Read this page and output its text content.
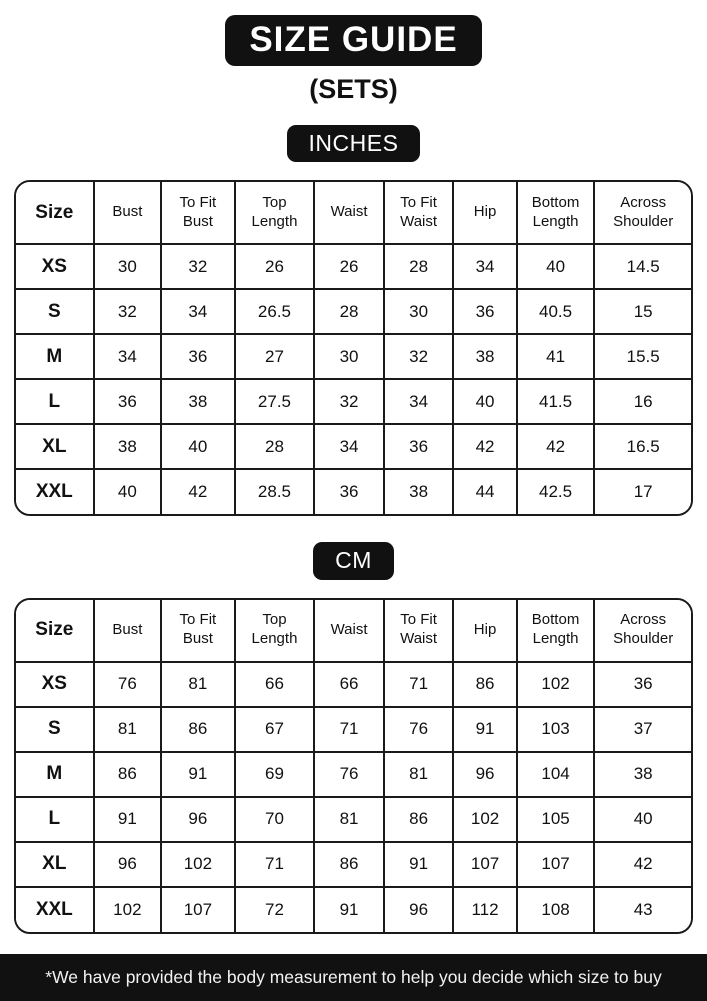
SIZE GUIDE
(SETS)
INCHES
Size	Bust	To Fit Bust	Top Length	Waist	To Fit Waist	Hip	Bottom Length	Across Shoulder
XS	30	32	26	26	28	34	40	14.5
S	32	34	26.5	28	30	36	40.5	15
M	34	36	27	30	32	38	41	15.5
L	36	38	27.5	32	34	40	41.5	16
XL	38	40	28	34	36	42	42	16.5
XXL	40	42	28.5	36	38	44	42.5	17
CM
Size	Bust	To Fit Bust	Top Length	Waist	To Fit Waist	Hip	Bottom Length	Across Shoulder
XS	76	81	66	66	71	86	102	36
S	81	86	67	71	76	91	103	37
M	86	91	69	76	81	96	104	38
L	91	96	70	81	86	102	105	40
XL	96	102	71	86	91	107	107	42
XXL	102	107	72	91	96	112	108	43
*We have provided the body measurement to help you decide which size to buy
